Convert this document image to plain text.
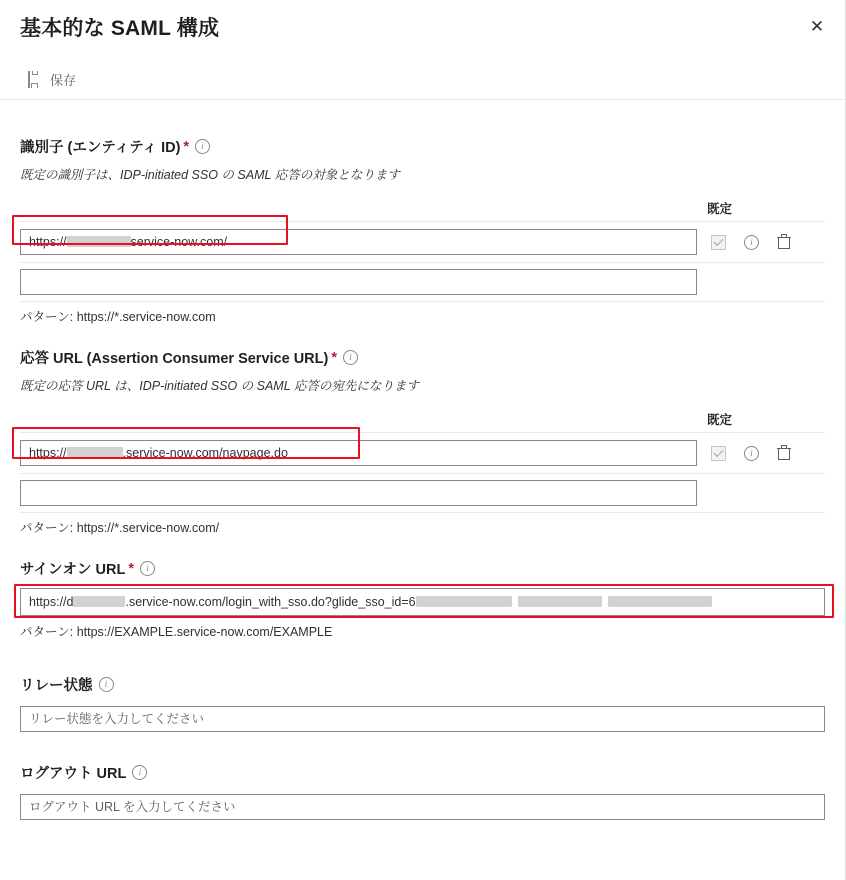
基本的な SAML 構成	✕
保存
識別子 (エンティティ ID) *	i
既定の識別子は、IDP-initiated SSO の SAML 応答の対象となります
既定
https://	service-now.com/	i
パターン: https://*.service-now.com
応答 URL (Assertion Consumer Service URL) *	i
既定の応答 URL は、IDP-initiated SSO の SAML 応答の宛先になります
既定
https://	.service-now.com/navpage.do	i
パターン: https://*.service-now.com/
サインオン URL *	i
https://d	.service-now.com/login_with_sso.do?glide_sso_id=6
パターン: https://EXAMPLE.service-now.com/EXAMPLE
リレー状態	i
リレー状態を入力してください
ログアウト URL	i
ログアウト URL を入力してください
